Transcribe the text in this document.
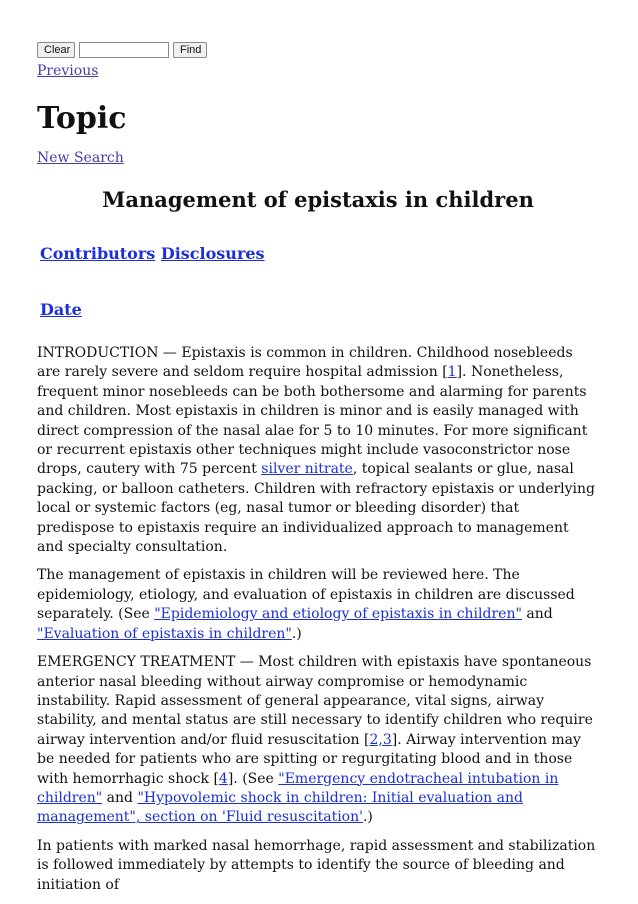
Clear	Find
Previous
Topic
New Search
Management of epistaxis in children
Contributors Disclosures
Date

INTRODUCTION — Epistaxis is common in children. Childhood nosebleeds are rarely severe and seldom require hospital admission [1]. Nonetheless, frequent minor nosebleeds can be both bothersome and alarming for parents and children. Most epistaxis in children is minor and is easily managed with direct compression of the nasal alae for 5 to 10 minutes. For more significant or recurrent epistaxis other techniques might include vasoconstrictor nose drops, cautery with 75 percent silver nitrate, topical sealants or glue, nasal packing, or balloon catheters. Children with refractory epistaxis or underlying local or systemic factors (eg, nasal tumor or bleeding disorder) that predispose to epistaxis require an individualized approach to management and specialty consultation.

The management of epistaxis in children will be reviewed here. The epidemiology, etiology, and evaluation of epistaxis in children are discussed separately. (See "Epidemiology and etiology of epistaxis in children" and "Evaluation of epistaxis in children".)

EMERGENCY TREATMENT — Most children with epistaxis have spontaneous anterior nasal bleeding without airway compromise or hemodynamic instability. Rapid assessment of general appearance, vital signs, airway stability, and mental status are still necessary to identify children who require airway intervention and/or fluid resuscitation [2,3]. Airway intervention may be needed for patients who are spitting or regurgitating blood and in those with hemorrhagic shock [4]. (See "Emergency endotracheal intubation in children" and "Hypovolemic shock in children: Initial evaluation and management", section on 'Fluid resuscitation'.)

In patients with marked nasal hemorrhage, rapid assessment and stabilization is followed immediately by attempts to identify the source of bleeding and initiation of
